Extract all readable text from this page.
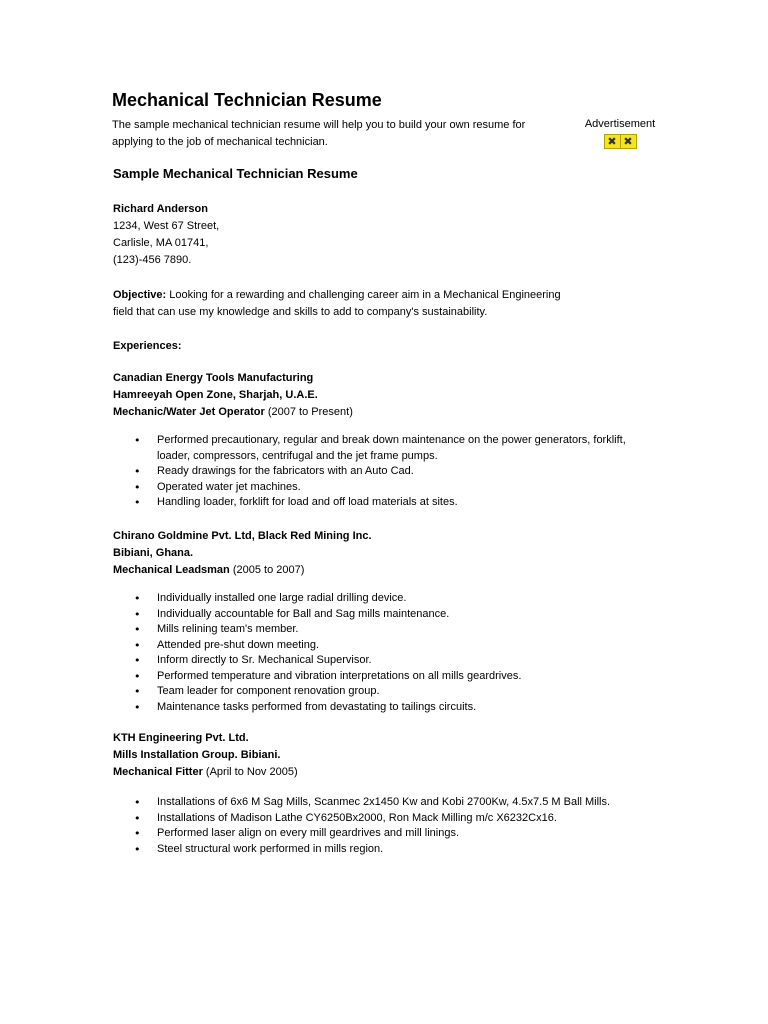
Mechanical Technician Resume
The sample mechanical technician resume will help you to build your own resume for
applying to the job of mechanical technician.
Advertisement
✖ ✖
Sample Mechanical Technician Resume
Richard Anderson
1234, West 67 Street,
Carlisle, MA 01741,
(123)-456 7890.
Objective: Looking for a rewarding and challenging career aim in a Mechanical Engineering
field that can use my knowledge and skills to add to company's sustainability.
Experiences:
Canadian Energy Tools Manufacturing
Hamreeyah Open Zone, Sharjah, U.A.E.
Mechanic/Water Jet Operator (2007 to Present)
• Performed precautionary, regular and break down maintenance on the power generators, forklift,
loader, compressors, centrifugal and the jet frame pumps.
• Ready drawings for the fabricators with an Auto Cad.
• Operated water jet machines.
• Handling loader, forklift for load and off load materials at sites.
Chirano Goldmine Pvt. Ltd, Black Red Mining Inc.
Bibiani, Ghana.
Mechanical Leadsman (2005 to 2007)
• Individually installed one large radial drilling device.
• Individually accountable for Ball and Sag mills maintenance.
• Mills relining team's member.
• Attended pre-shut down meeting.
• Inform directly to Sr. Mechanical Supervisor.
• Performed temperature and vibration interpretations on all mills geardrives.
• Team leader for component renovation group.
• Maintenance tasks performed from devastating to tailings circuits.
KTH Engineering Pvt. Ltd.
Mills Installation Group. Bibiani.
Mechanical Fitter (April to Nov 2005)
• Installations of 6x6 M Sag Mills, Scanmec 2x1450 Kw and Kobi 2700Kw, 4.5x7.5 M Ball Mills.
• Installations of Madison Lathe CY6250Bx2000, Ron Mack Milling m/c X6232Cx16.
• Performed laser align on every mill geardrives and mill linings.
• Steel structural work performed in mills region.
